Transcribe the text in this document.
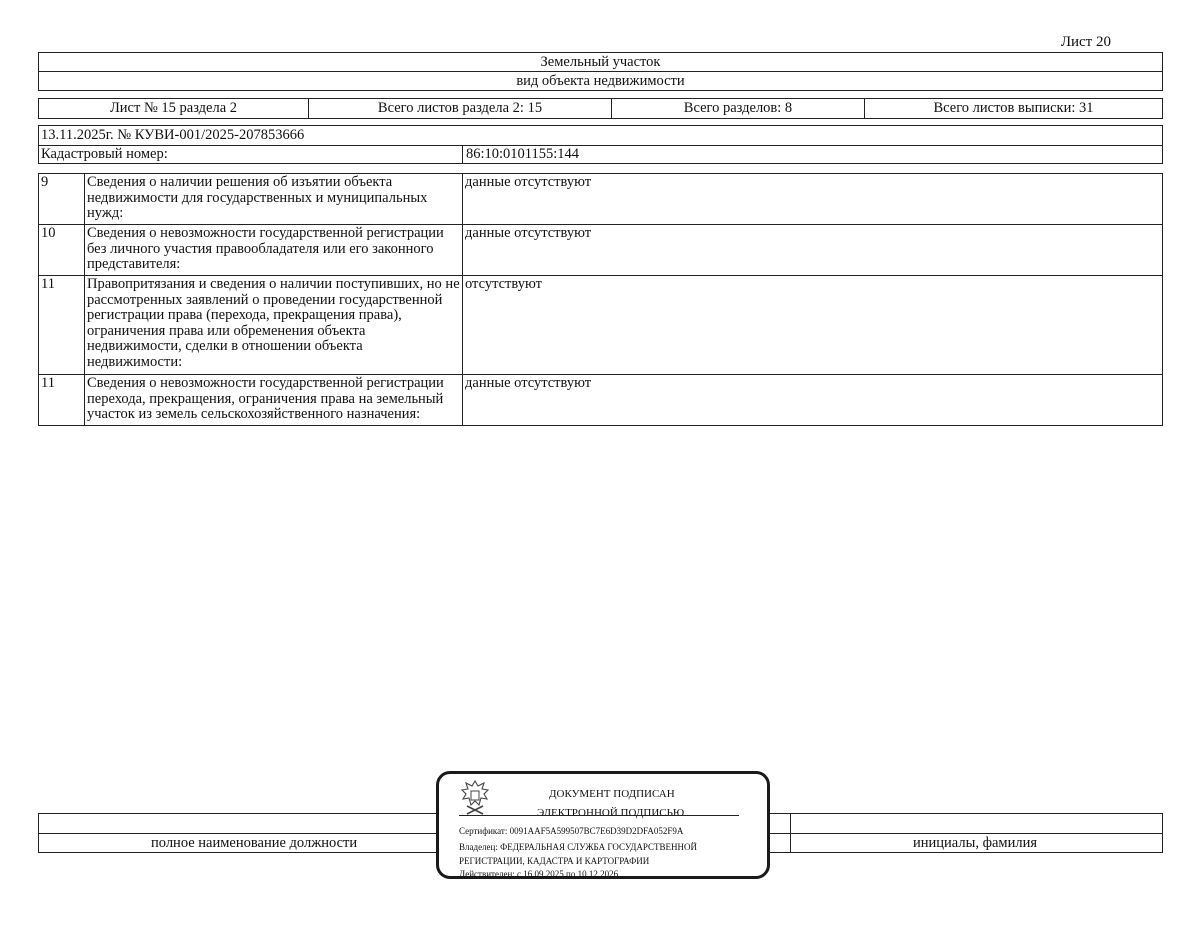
Лист 20
Земельный участок
вид объекта недвижимости
Лист № 15 раздела 2	Всего листов раздела 2: 15	Всего разделов: 8	Всего листов выписки: 31
13.11.2025г. № КУВИ-001/2025-207853666
Кадастровый номер:	86:10:0101155:144
9	Сведения о наличии решения об изъятии объекта недвижимости для государственных и муниципальных нужд:	данные отсутствуют
10	Сведения о невозможности государственной регистрации без личного участия правообладателя или его законного представителя:	данные отсутствуют
11	Правопритязания и сведения о наличии поступивших, но не рассмотренных заявлений о проведении государственной регистрации права (перехода, прекращения права), ограничения права или обременения объекта недвижимости, сделки в отношении объекта недвижимости:	отсутствуют
11	Сведения о невозможности государственной регистрации перехода, прекращения, ограничения права на земельный участок из земель сельскохозяйственного назначения:	данные отсутствуют
полное наименование должности	инициалы, фамилия
ДОКУМЕНТ ПОДПИСАН
ЭЛЕКТРОННОЙ ПОДПИСЬЮ
Сертификат: 0091AAF5A599507BC7E6D39D2DFA052F9A
Владелец: ФЕДЕРАЛЬНАЯ СЛУЖБА ГОСУДАРСТВЕННОЙ
РЕГИСТРАЦИИ, КАДАСТРА И КАРТОГРАФИИ
Действителен: с 16.09.2025 по 10.12.2026
